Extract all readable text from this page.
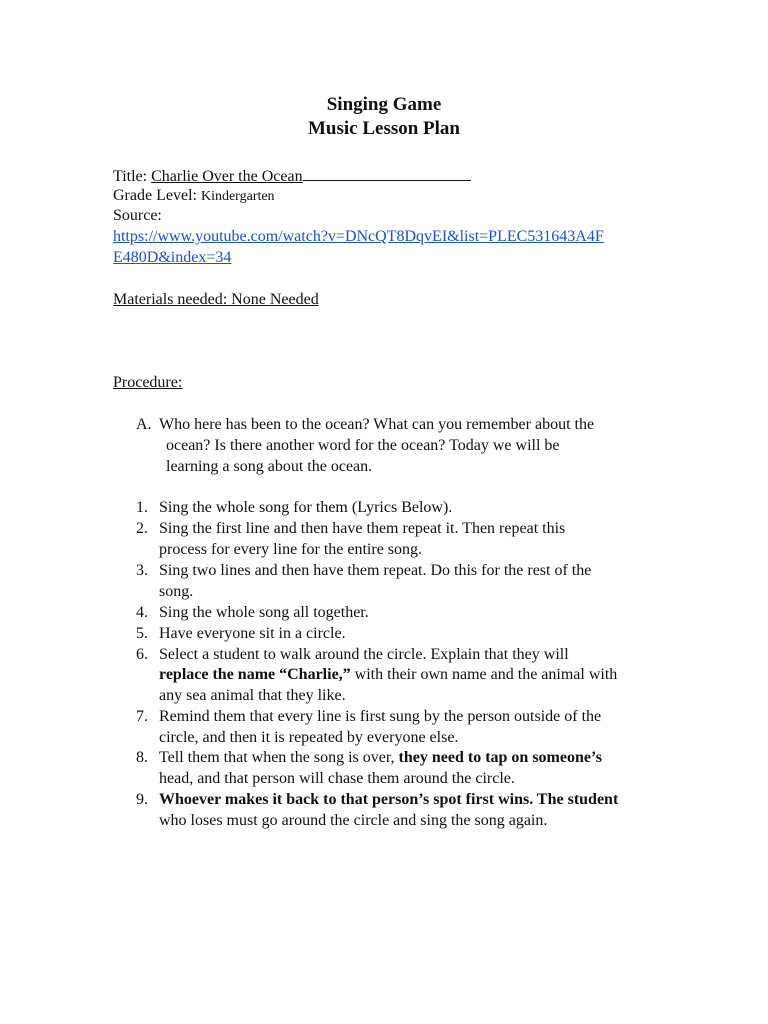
Singing Game
Music Lesson Plan
Title: Charlie Over the Ocean
Grade Level: Kindergarten
Source:
https://www.youtube.com/watch?v=DNcQT8DqvEI&list=PLEC531643A4F
E480D&index=34
Materials needed: None Needed
Procedure:
A. Who here has been to the ocean? What can you remember about the
ocean? Is there another word for the ocean? Today we will be
learning a song about the ocean.
1. Sing the whole song for them (Lyrics Below).
2. Sing the first line and then have them repeat it. Then repeat this
process for every line for the entire song.
3. Sing two lines and then have them repeat. Do this for the rest of the
song.
4. Sing the whole song all together.
5. Have everyone sit in a circle.
6. Select a student to walk around the circle. Explain that they will
replace the name “Charlie,” with their own name and the animal with
any sea animal that they like.
7. Remind them that every line is first sung by the person outside of the
circle, and then it is repeated by everyone else.
8. Tell them that when the song is over, they need to tap on someone’s
head, and that person will chase them around the circle.
9. Whoever makes it back to that person’s spot first wins. The student
who loses must go around the circle and sing the song again.
